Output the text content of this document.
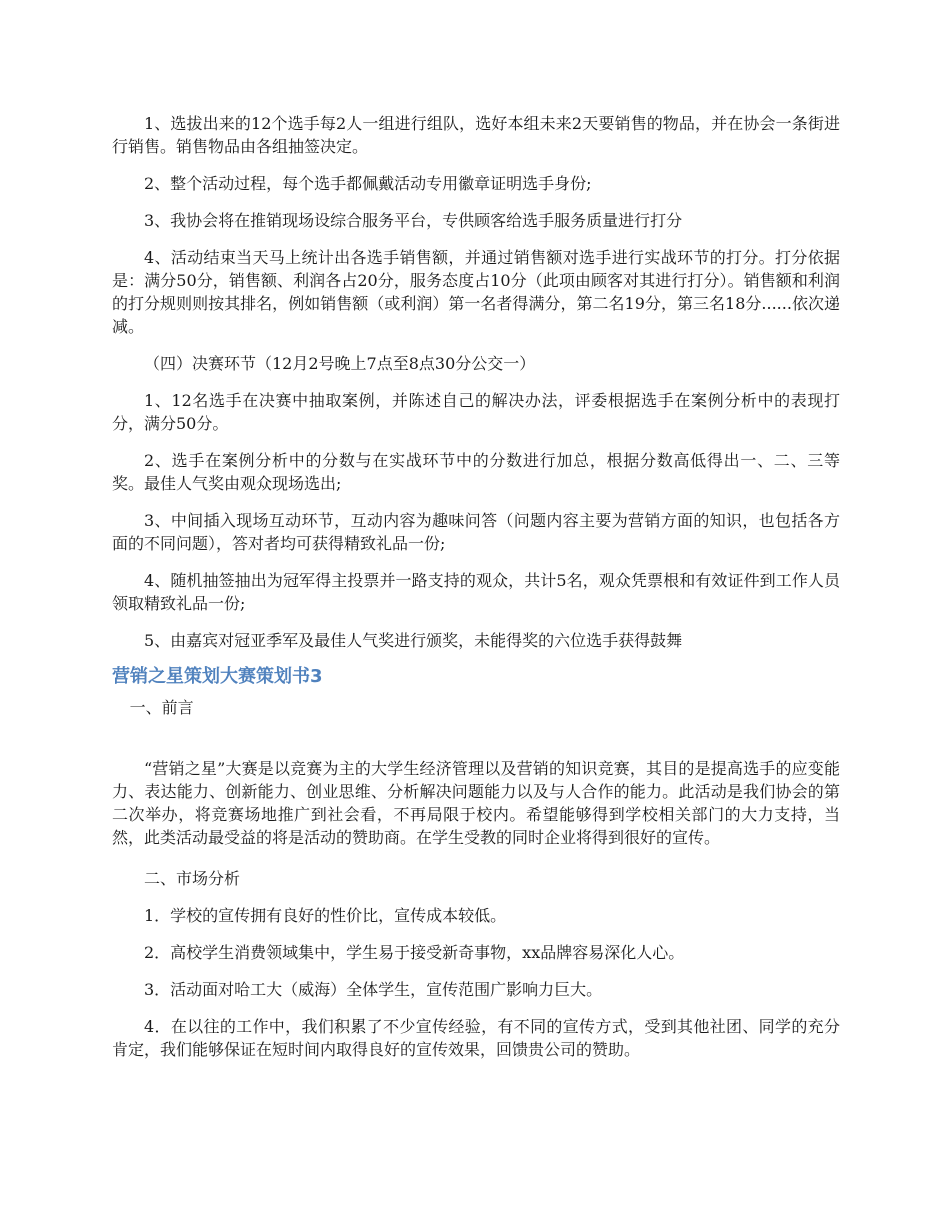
1、选拔出来的12个选手每2人一组进行组队，选好本组未来2天要销售的物品，并在协会一条街进行销售。销售物品由各组抽签决定。

2、整个活动过程，每个选手都佩戴活动专用徽章证明选手身份;

3、我协会将在推销现场设综合服务平台，专供顾客给选手服务质量进行打分

4、活动结束当天马上统计出各选手销售额，并通过销售额对选手进行实战环节的打分。打分依据是：满分50分，销售额、利润各占20分，服务态度占10分（此项由顾客对其进行打分）。销售额和利润的打分规则则按其排名，例如销售额（或利润）第一名者得满分，第二名19分，第三名18分......依次递减。

（四）决赛环节（12月2号晚上7点至8点30分公交一）

1、12名选手在决赛中抽取案例，并陈述自己的解决办法，评委根据选手在案例分析中的表现打分，满分50分。

2、选手在案例分析中的分数与在实战环节中的分数进行加总，根据分数高低得出一、二、三等奖。最佳人气奖由观众现场选出;

3、中间插入现场互动环节，互动内容为趣味问答（问题内容主要为营销方面的知识，也包括各方面的不同问题），答对者均可获得精致礼品一份;

4、随机抽签抽出为冠军得主投票并一路支持的观众，共计5名，观众凭票根和有效证件到工作人员领取精致礼品一份;

5、由嘉宾对冠亚季军及最佳人气奖进行颁奖，未能得奖的六位选手获得鼓舞

营销之星策划大赛策划书3

一、前言

“营销之星”大赛是以竞赛为主的大学生经济管理以及营销的知识竞赛，其目的是提高选手的应变能力、表达能力、创新能力、创业思维、分析解决问题能力以及与人合作的能力。此活动是我们协会的第二次举办，将竞赛场地推广到社会看，不再局限于校内。希望能够得到学校相关部门的大力支持，当然，此类活动最受益的将是活动的赞助商。在学生受教的同时企业将得到很好的宣传。

二、市场分析

1．学校的宣传拥有良好的性价比，宣传成本较低。

2．高校学生消费领域集中，学生易于接受新奇事物，xx品牌容易深化人心。

3．活动面对哈工大（威海）全体学生，宣传范围广影响力巨大。

4．在以往的工作中，我们积累了不少宣传经验，有不同的宣传方式，受到其他社团、同学的充分肯定，我们能够保证在短时间内取得良好的宣传效果，回馈贵公司的赞助。
